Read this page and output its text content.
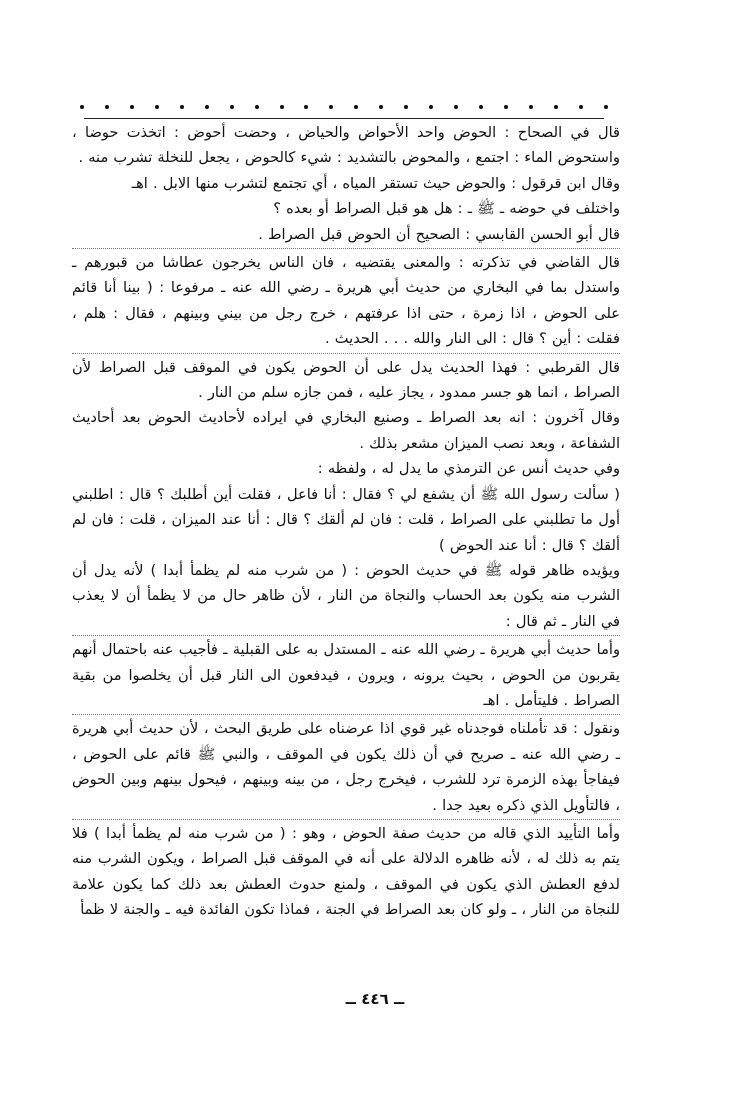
قال في الصحاح : الحوض واحد الأحواض والحياض ، وحضت أحوض : اتخذت حوضا ، واستحوض الماء : اجتمع ، والمحوض بالتشديد : شيء كالحوض ، يجعل للنخلة تشرب منه .

وقال ابن قرقول : والحوض حيث تستقر المياه ، أي تجتمع لتشرب منها الابل . اهـ

واختلف في حوضه ـ ﷺ ـ : هل هو قبل الصراط أو بعده ؟

قال أبو الحسن القابسي : الصحيح أن الحوض قبل الصراط .

قال القاضي في تذكرته : والمعنى يقتضيه ، فان الناس يخرجون عطاشا من قبورهم ـ واستدل بما في البخاري من حديث أبي هريرة ـ رضي الله عنه ـ مرفوعا : ( بينا أنا قائم على الحوض ، اذا زمرة ، حتى اذا عرفتهم ، خرج رجل من بيني وبينهم ، فقال : هلم ، فقلت : أين ؟ قال : الى النار والله . . . الحديث .

قال القرطبي : فهذا الحديث يدل على أن الحوض يكون في الموقف قبل الصراط لأن الصراط ، انما هو جسر ممدود ، يجاز عليه ، فمن جازه سلم من النار .

وقال آخرون : انه بعد الصراط ـ وصنيع البخاري في ايراده لأحاديث الحوض بعد أحاديث الشفاعة ، وبعد نصب الميزان مشعر بذلك .

وفي حديث أنس عن الترمذي ما يدل له ، ولفظه :

( سألت رسول الله ﷺ أن يشفع لي ؟ فقال : أنا فاعل ، فقلت أين أطلبك ؟ قال : اطلبني أول ما تطلبني على الصراط ، قلت : فان لم ألقك ؟ قال : أنا عند الميزان ، قلت : فان لم ألقك ؟ قال : أنا عند الحوض )

ويؤيده ظاهر قوله ﷺ في حديث الحوض : ( من شرب منه لم يظمأ أبدا ) لأنه يدل أن الشرب منه يكون بعد الحساب والنجاة من النار ، لأن ظاهر حال من لا يظمأ أن لا يعذب في النار ـ ثم قال :

وأما حديث أبي هريرة ـ رضي الله عنه ـ المستدل به على القبلية ـ فأجيب عنه باحتمال أنهم يقربون من الحوض ، بحيث يرونه ، ويرون ، فيدفعون الى النار قبل أن يخلصوا من بقية الصراط . فليتأمل . اهـ

ونقول : قد تأملناه فوجدناه غير قوي اذا عرضناه على طريق البحث ، لأن حديث أبي هريرة ـ رضي الله عنه ـ صريح في أن ذلك يكون في الموقف ، والنبي ﷺ قائم على الحوض ، فيفاجأ بهذه الزمرة ترد للشرب ، فيخرج رجل ، من بينه وبينهم ، فيحول بينهم وبين الحوض ، فالتأويل الذي ذكره بعيد جدا .

وأما التأييد الذي قاله من حديث صفة الحوض ، وهو : ( من شرب منه لم يظمأ أبدا ) فلا يتم به ذلك له ، لأنه ظاهره الدلالة على أنه في الموقف قبل الصراط ، ويكون الشرب منه لدفع العطش الذي يكون في الموقف ، ولمنع حدوث العطش بعد ذلك كما يكون علامة للنجاة من النار ، ـ ولو كان بعد الصراط في الجنة ، فماذا تكون الفائدة فيه ـ والجنة لا ظمأ

ــ ٤٤٦ ــ
